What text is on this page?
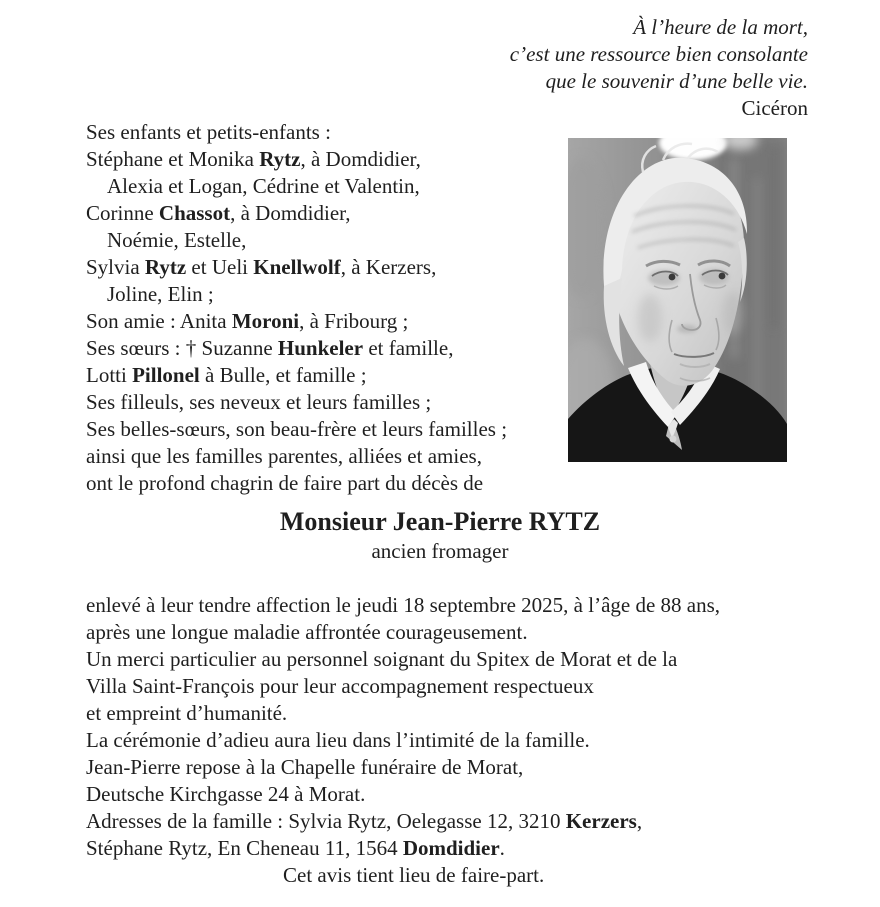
À l’heure de la mort,
c’est une ressource bien consolante
que le souvenir d’une belle vie.
Cicéron
Ses enfants et petits-enfants :
Stéphane et Monika Rytz, à Domdidier,
Alexia et Logan, Cédrine et Valentin,
Corinne Chassot, à Domdidier,
Noémie, Estelle,
Sylvia Rytz et Ueli Knellwolf, à Kerzers,
Joline, Elin ;
Son amie : Anita Moroni, à Fribourg ;
Ses sœurs : † Suzanne Hunkeler et famille,
Lotti Pillonel à Bulle, et famille ;
Ses filleuls, ses neveux et leurs familles ;
Ses belles-sœurs, son beau-frère et leurs familles ;
ainsi que les familles parentes, alliées et amies,
ont le profond chagrin de faire part du décès de
Monsieur Jean-Pierre RYTZ
ancien fromager
enlevé à leur tendre affection le jeudi 18 septembre 2025, à l’âge de 88 ans,
après une longue maladie affrontée courageusement.
Un merci particulier au personnel soignant du Spitex de Morat et de la
Villa Saint-François pour leur accompagnement respectueux
et empreint d’humanité.
La cérémonie d’adieu aura lieu dans l’intimité de la famille.
Jean-Pierre repose à la Chapelle funéraire de Morat,
Deutsche Kirchgasse 24 à Morat.
Adresses de la famille : Sylvia Rytz, Oelegasse 12, 3210 Kerzers,
Stéphane Rytz, En Cheneau 11, 1564 Domdidier.
Cet avis tient lieu de faire-part.
